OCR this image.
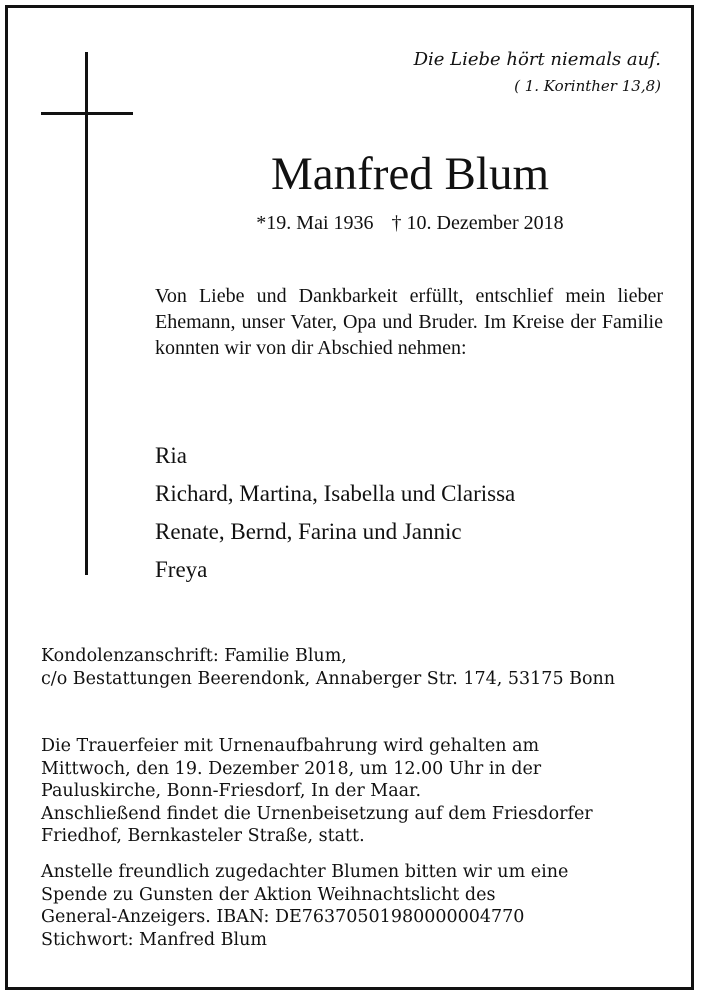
Die Liebe hört niemals auf.
( 1. Korinther 13,8)
Manfred Blum
*19. Mai 1936 † 10. Dezember 2018
Von Liebe und Dankbarkeit erfüllt, entschlief mein lieber Ehemann, unser Vater, Opa und Bruder. Im Kreise der Familie konnten wir von dir Abschied nehmen:
Ria
Richard, Martina, Isabella und Clarissa
Renate, Bernd, Farina und Jannic
Freya
Kondolenzanschrift: Familie Blum,
c/o Bestattungen Beerendonk, Annaberger Str. 174, 53175 Bonn
Die Trauerfeier mit Urnenaufbahrung wird gehalten am
Mittwoch, den 19. Dezember 2018, um 12.00 Uhr in der
Pauluskirche, Bonn-Friesdorf, In der Maar.
Anschließend findet die Urnenbeisetzung auf dem Friesdorfer
Friedhof, Bernkasteler Straße, statt.
Anstelle freundlich zugedachter Blumen bitten wir um eine
Spende zu Gunsten der Aktion Weihnachtslicht des
General-Anzeigers. IBAN: DE76370501980000004770
Stichwort: Manfred Blum
